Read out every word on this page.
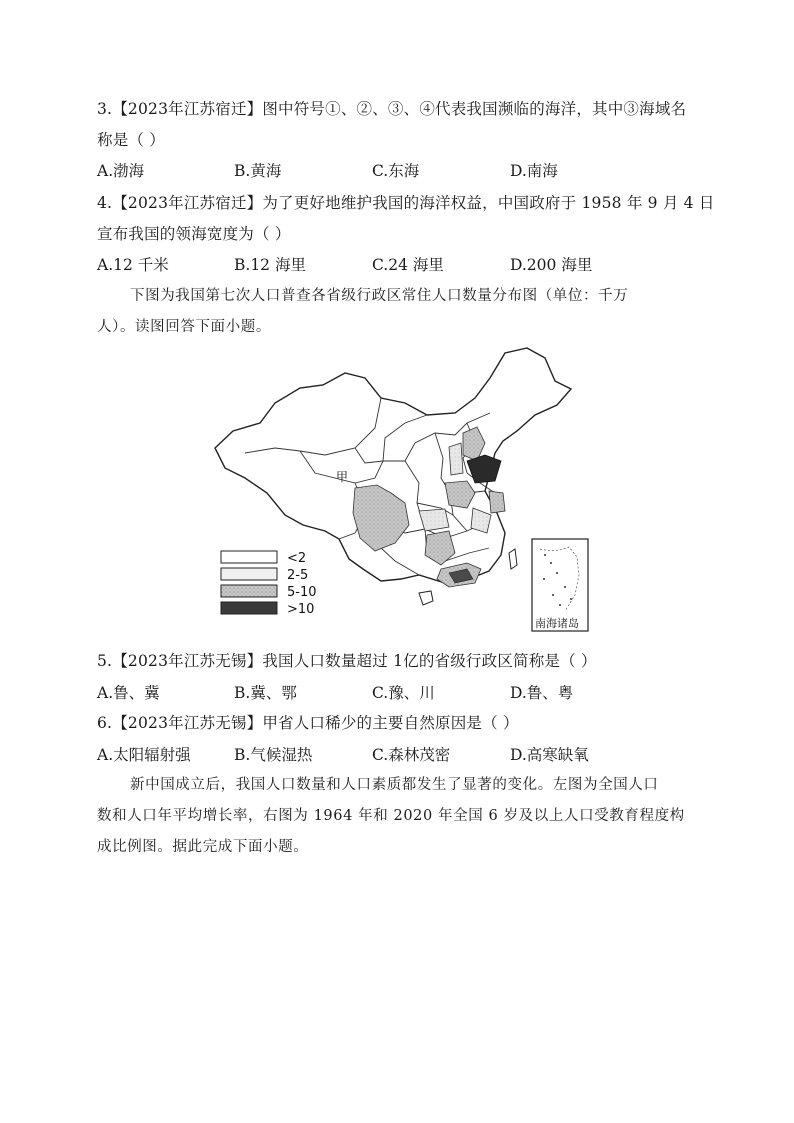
3.【2023年江苏宿迁】图中符号①、②、③、④代表我国濒临的海洋，其中③海域名
称是（ ）
A.渤海	B.黄海	C.东海	D.南海
4.【2023年江苏宿迁】为了更好地维护我国的海洋权益，中国政府于 1958 年 9 月 4 日
宣布我国的领海宽度为（ ）
A.12 千米	B.12 海里	C.24 海里	D.200 海里
下图为我国第七次人口普查各省级行政区常住人口数量分布图（单位：千万
人）。读图回答下面小题。
甲
<2
2-5
5-10
>10
南海诸岛
5.【2023年江苏无锡】我国人口数量超过 1亿的省级行政区简称是（ ）
A.鲁、冀	B.冀、鄂	C.豫、川	D.鲁、粤
6.【2023年江苏无锡】甲省人口稀少的主要自然原因是（ ）
A.太阳辐射强	B.气候湿热	C.森林茂密	D.高寒缺氧
新中国成立后，我国人口数量和人口素质都发生了显著的变化。左图为全国人口
数和人口年平均增长率，右图为 1964 年和 2020 年全国 6 岁及以上人口受教育程度构
成比例图。据此完成下面小题。
